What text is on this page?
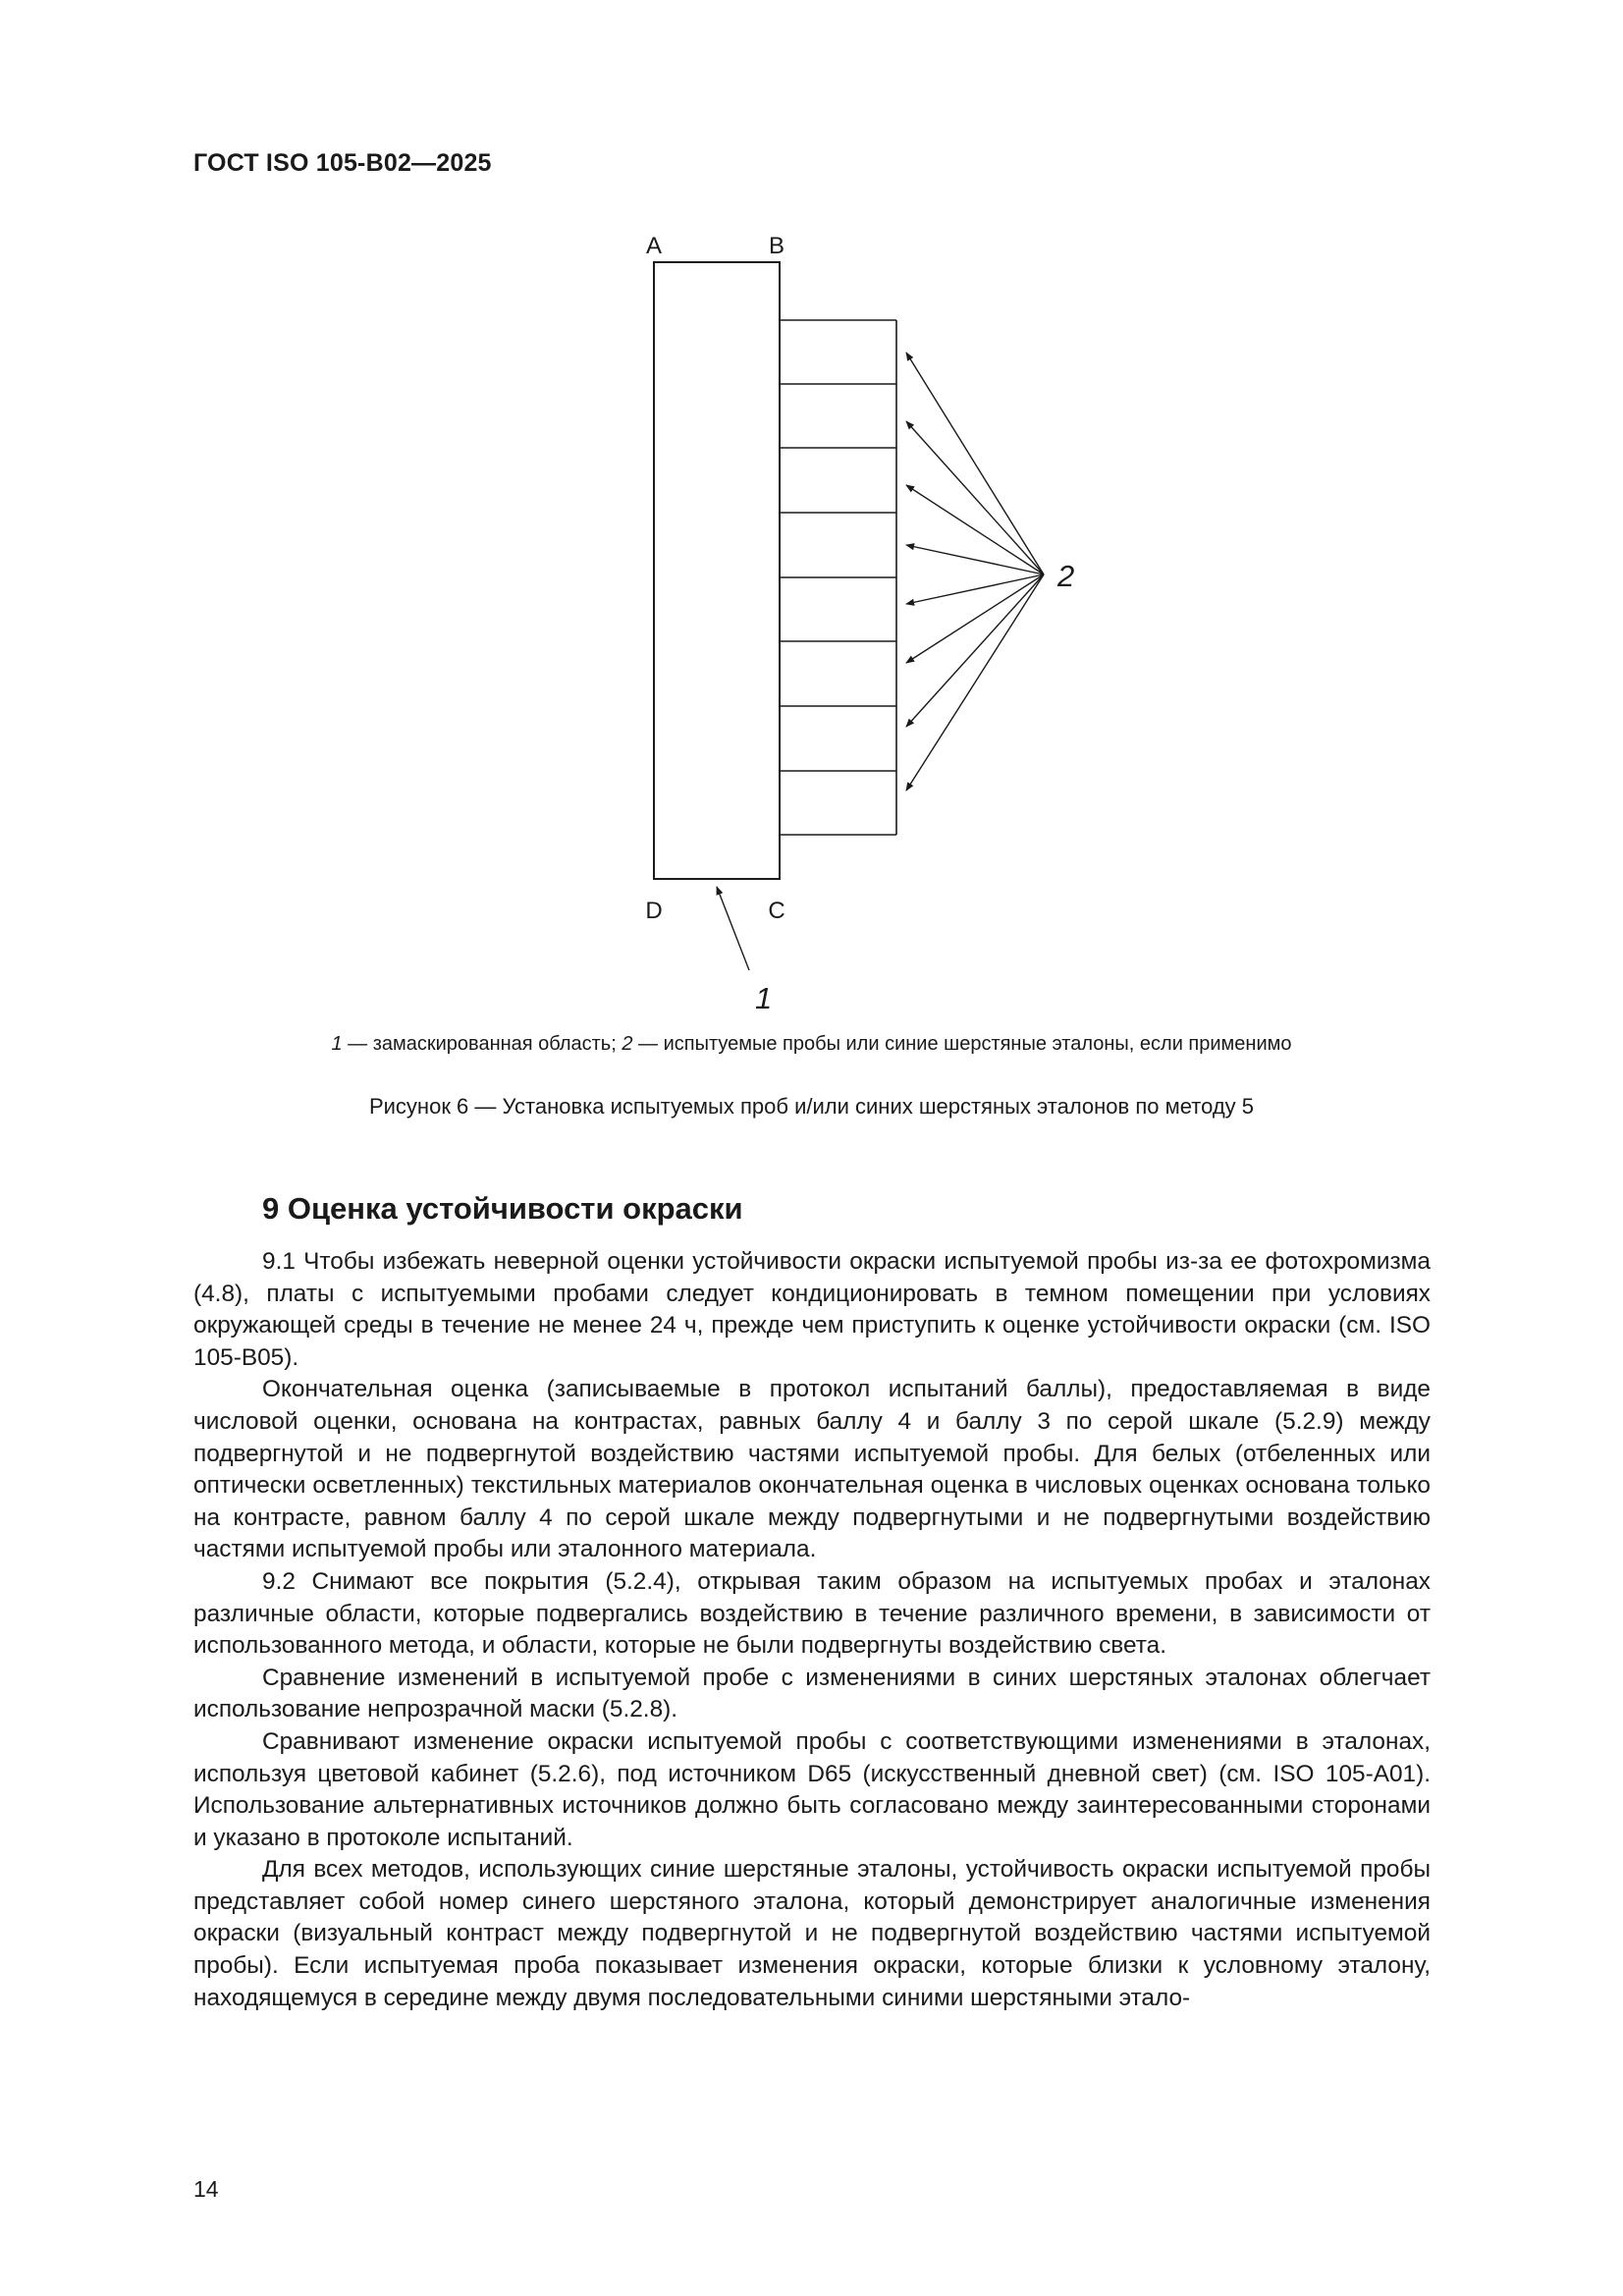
ГОСТ ISO 105-B02—2025
A	B
D	C
2
1
1 — замаскированная область; 2 — испытуемые пробы или синие шерстяные эталоны, если применимо
Рисунок 6 — Установка испытуемых проб и/или синих шерстяных эталонов по методу 5
9 Оценка устойчивости окраски

9.1 Чтобы избежать неверной оценки устойчивости окраски испытуемой пробы из-за ее фотохромизма (4.8), платы с испытуемыми пробами следует кондиционировать в темном помещении при условиях окружающей среды в течение не менее 24 ч, прежде чем приступить к оценке устойчивости окраски (см. ISO 105-B05).

Окончательная оценка (записываемые в протокол испытаний баллы), предоставляемая в виде числовой оценки, основана на контрастах, равных баллу 4 и баллу 3 по серой шкале (5.2.9) между подвергнутой и не подвергнутой воздействию частями испытуемой пробы. Для белых (отбеленных или оптически осветленных) текстильных материалов окончательная оценка в числовых оценках основана только на контрасте, равном баллу 4 по серой шкале между подвергнутыми и не подвергнутыми воздействию частями испытуемой пробы или эталонного материала.

9.2 Снимают все покрытия (5.2.4), открывая таким образом на испытуемых пробах и эталонах различные области, которые подвергались воздействию в течение различного времени, в зависимости от использованного метода, и области, которые не были подвергнуты воздействию света.

Сравнение изменений в испытуемой пробе с изменениями в синих шерстяных эталонах облегчает использование непрозрачной маски (5.2.8).

Сравнивают изменение окраски испытуемой пробы с соответствующими изменениями в эталонах, используя цветовой кабинет (5.2.6), под источником D65 (искусственный дневной свет) (см. ISO 105-A01). Использование альтернативных источников должно быть согласовано между заинтересованными сторонами и указано в протоколе испытаний.

Для всех методов, использующих синие шерстяные эталоны, устойчивость окраски испытуемой пробы представляет собой номер синего шерстяного эталона, который демонстрирует аналогичные изменения окраски (визуальный контраст между подвергнутой и не подвергнутой воздействию частями испытуемой пробы). Если испытуемая проба показывает изменения окраски, которые близки к условному эталону, находящемуся в середине между двумя последовательными синими шерстяными этало-

14
